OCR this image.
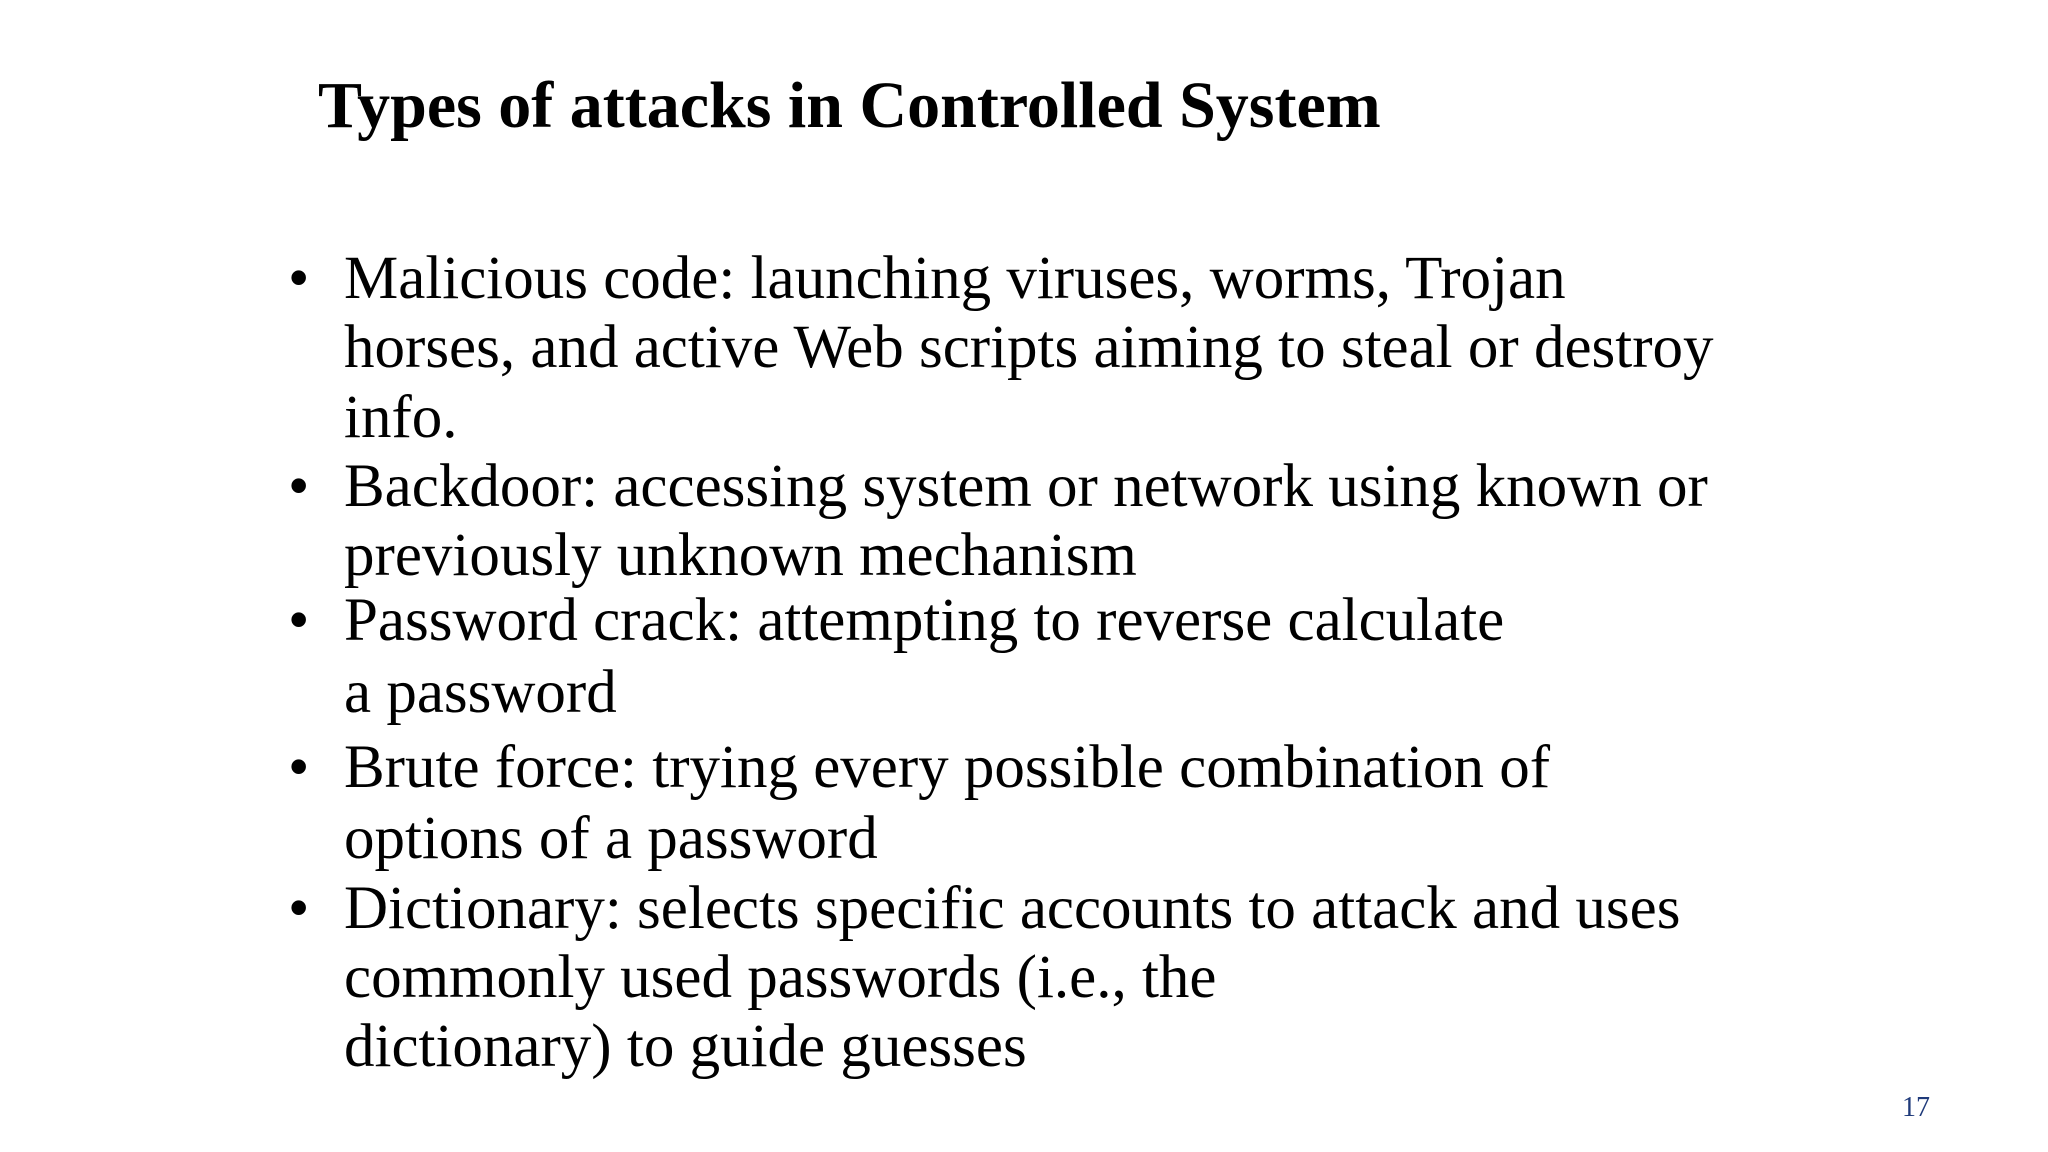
Types of attacks in Controlled System
• Malicious code: launching viruses, worms, Trojan
horses, and active Web scripts aiming to steal or destroy
info.
• Backdoor: accessing system or network using known or
previously unknown mechanism
• Password crack: attempting to reverse calculate
a password
• Brute force: trying every possible combination of
options of a password
• Dictionary: selects specific accounts to attack and uses
commonly used passwords (i.e., the
dictionary) to guide guesses
17
